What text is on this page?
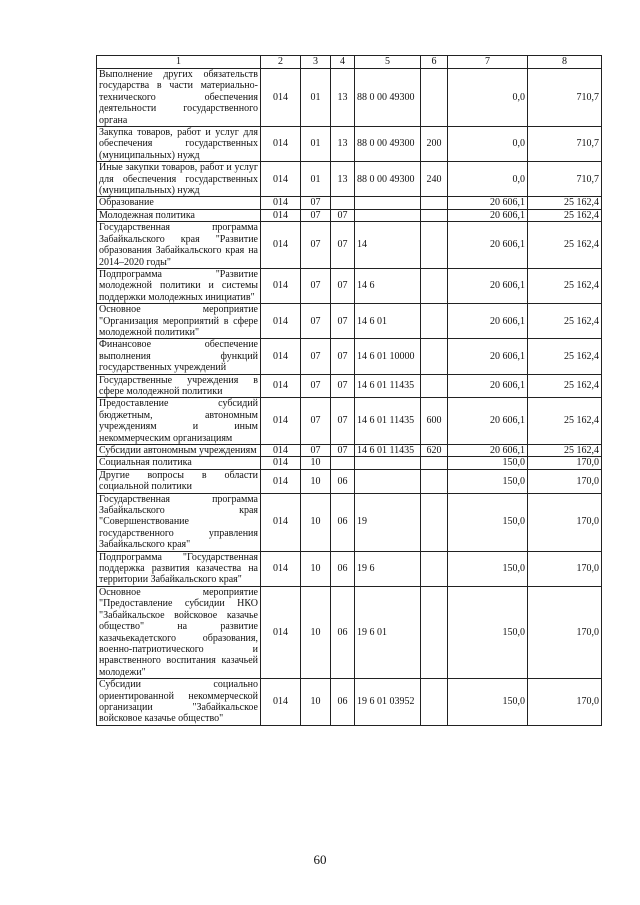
1	2	3	4	5	6	7	8
Выполнение других обязательств государства в части материально-технического обеспечения деятельности государственного органа	014	01	13	88 0 00 49300		0,0	710,7
Закупка товаров, работ и услуг для обеспечения государственных (муниципальных) нужд	014	01	13	88 0 00 49300	200	0,0	710,7
Иные закупки товаров, работ и услуг для обеспечения государственных (муниципальных) нужд	014	01	13	88 0 00 49300	240	0,0	710,7
Образование	014	07				20 606,1	25 162,4
Молодежная политика	014	07	07			20 606,1	25 162,4
Государственная программа Забайкальского края "Развитие образования Забайкальского края на 2014–2020 годы"	014	07	07	14		20 606,1	25 162,4
Подпрограмма "Развитие молодежной политики и системы поддержки молодежных инициатив"	014	07	07	14 6		20 606,1	25 162,4
Основное мероприятие "Организация мероприятий в сфере молодежной политики"	014	07	07	14 6 01		20 606,1	25 162,4
Финансовое обеспечение выполнения функций государственных учреждений	014	07	07	14 6 01 10000		20 606,1	25 162,4
Государственные учреждения в сфере молодежной политики	014	07	07	14 6 01 11435		20 606,1	25 162,4
Предоставление субсидий бюджетным, автономным учреждениям и иным некоммерческим организациям	014	07	07	14 6 01 11435	600	20 606,1	25 162,4
Субсидии автономным учреждениям	014	07	07	14 6 01 11435	620	20 606,1	25 162,4
Социальная политика	014	10				150,0	170,0
Другие вопросы в области социальной политики	014	10	06			150,0	170,0
Государственная программа Забайкальского края "Совершенствование государственного управления Забайкальского края"	014	10	06	19		150,0	170,0
Подпрограмма "Государственная поддержка развития казачества на территории Забайкальского края"	014	10	06	19 6		150,0	170,0
Основное мероприятие "Предоставление субсидии НКО "Забайкальское войсковое казачье общество" на развитие казачьекадетского образования, военно-патриотического и нравственного воспитания казачьей молодежи"	014	10	06	19 6 01		150,0	170,0
Субсидии социально ориентированной некоммерческой организации "Забайкальское войсковое казачье общество"	014	10	06	19 6 01 03952		150,0	170,0
60
